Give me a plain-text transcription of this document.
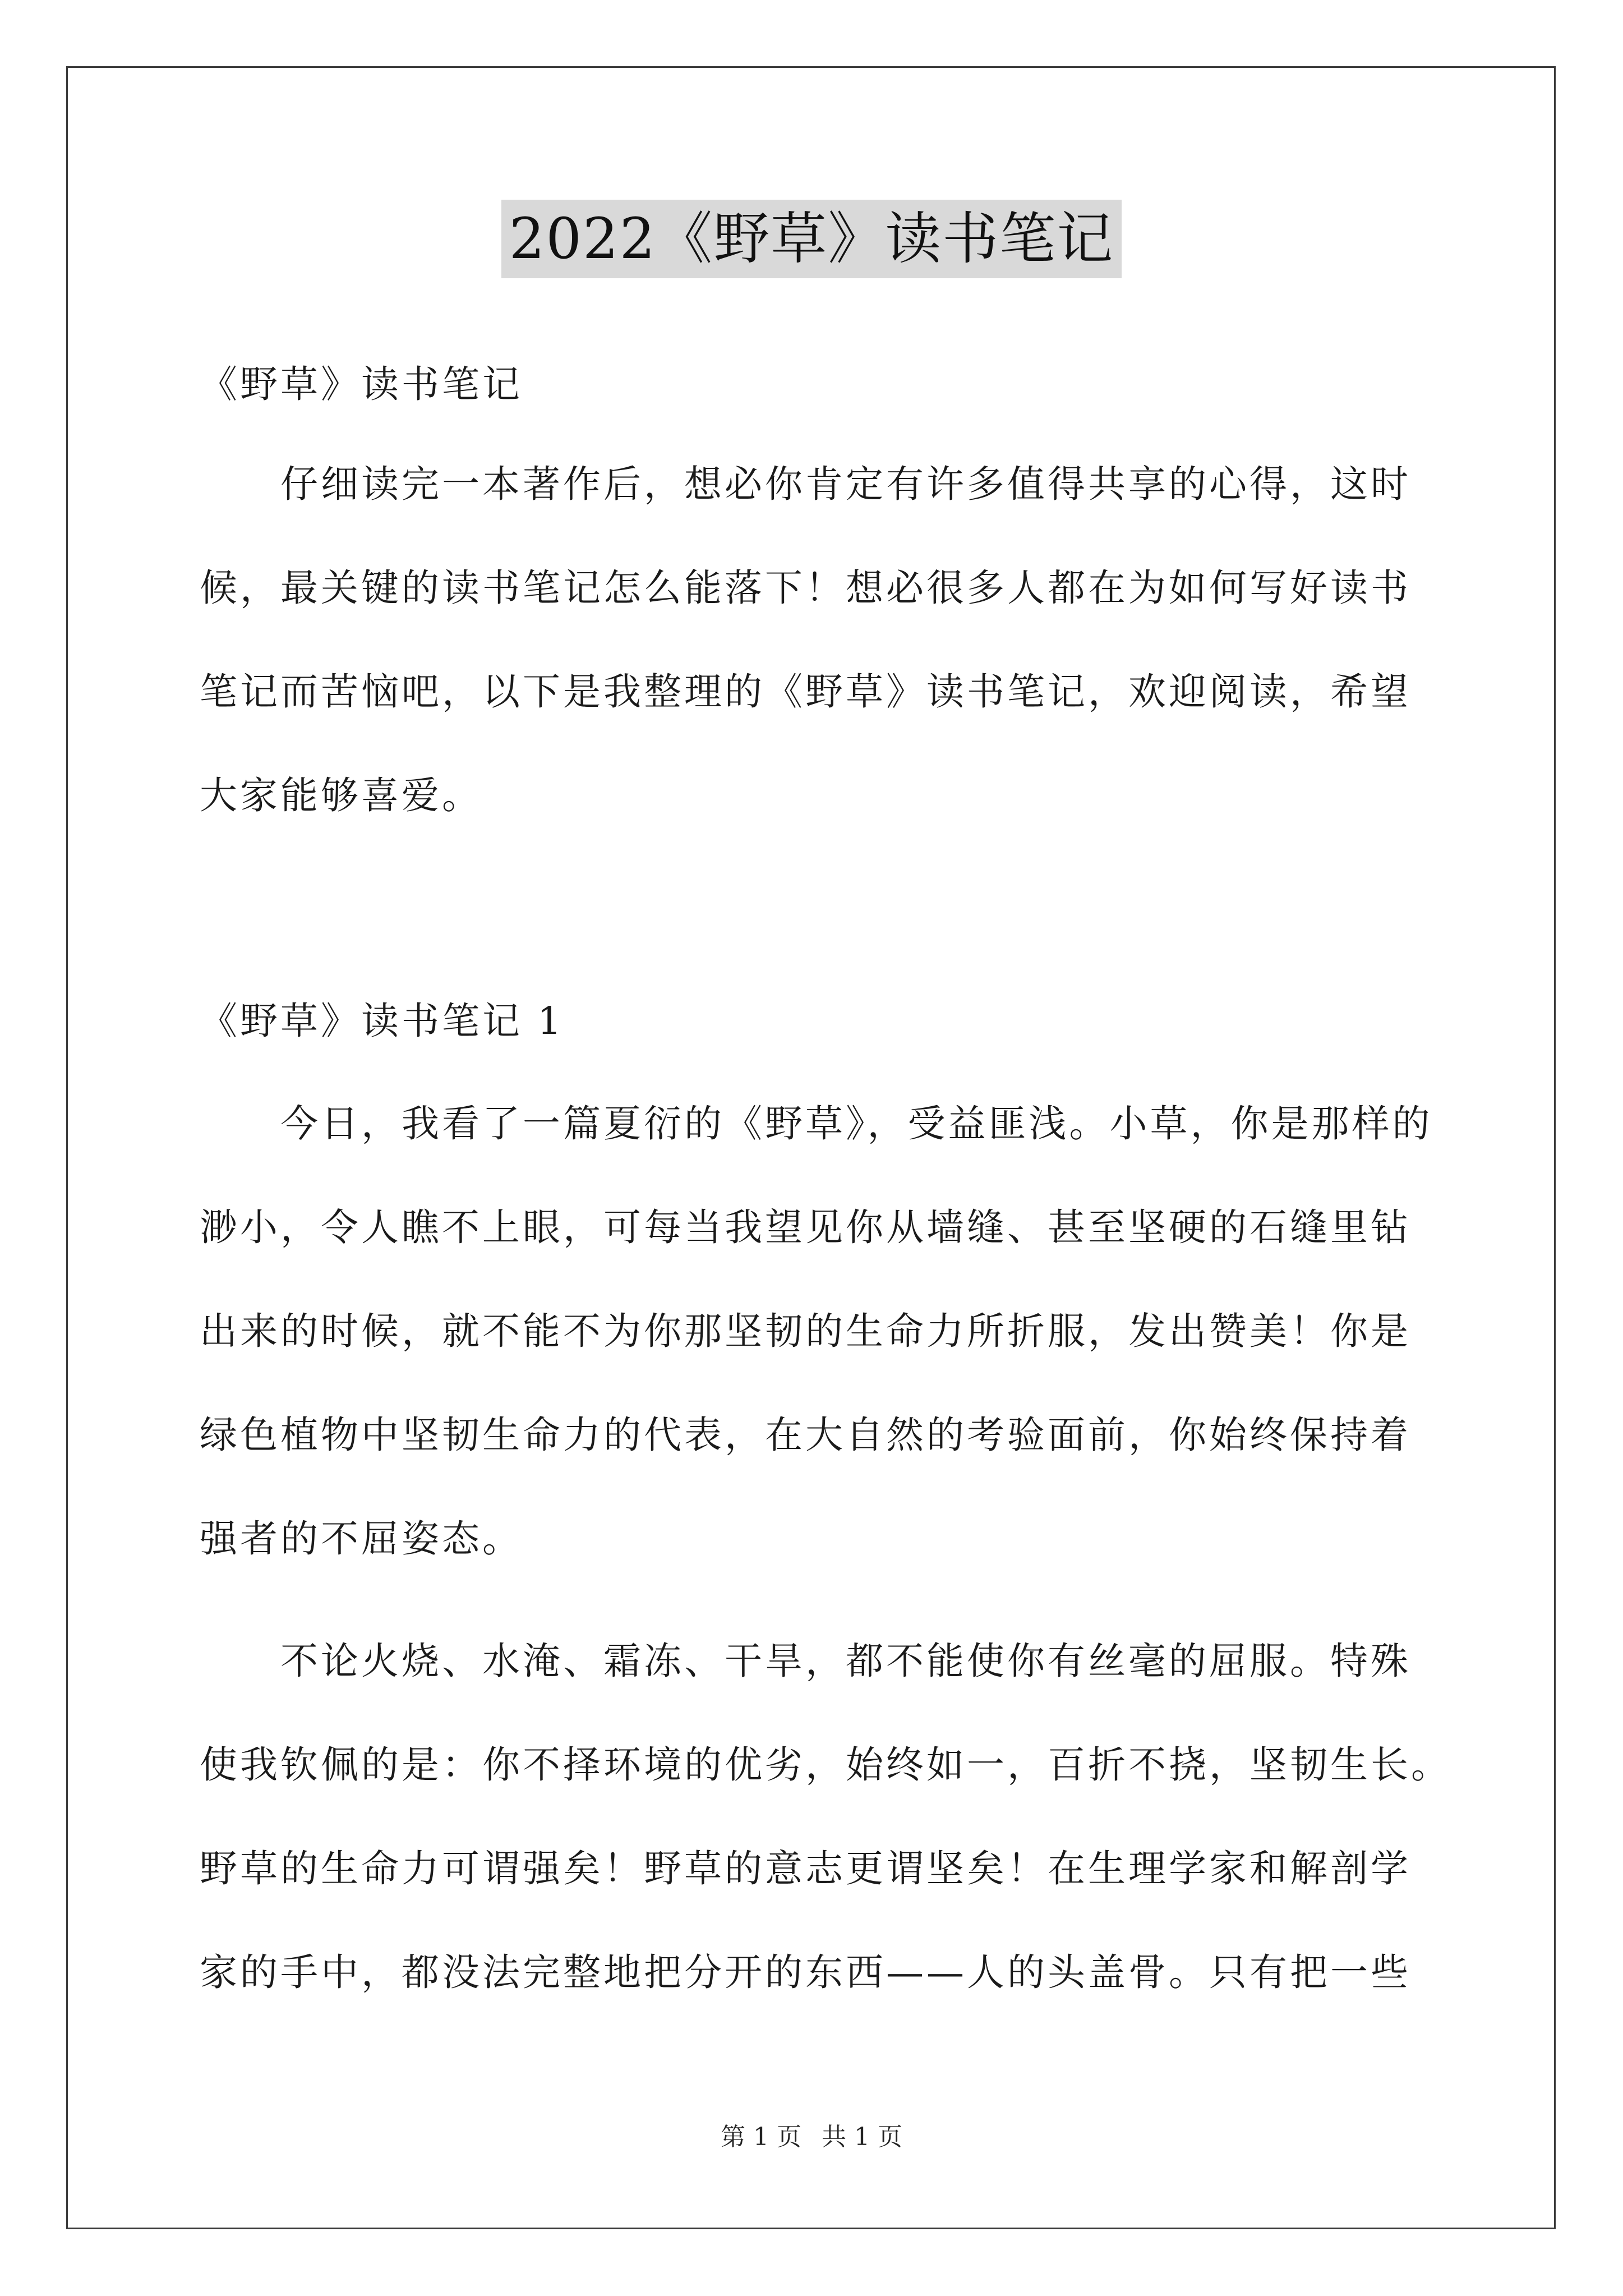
2022《野草》读书笔记
《野草》读书笔记
　　仔细读完一本著作后，想必你肯定有许多值得共享的心得，这时
候，最关键的读书笔记怎么能落下！想必很多人都在为如何写好读书
笔记而苦恼吧，以下是我整理的《野草》读书笔记，欢迎阅读，希望
大家能够喜爱。
《野草》读书笔记 1
　　今日，我看了一篇夏衍的《野草》，受益匪浅。小草，你是那样的
渺小，令人瞧不上眼，可每当我望见你从墙缝、甚至坚硬的石缝里钻
出来的时候，就不能不为你那坚韧的生命力所折服，发出赞美！你是
绿色植物中坚韧生命力的代表，在大自然的考验面前，你始终保持着
强者的不屈姿态。
　　不论火烧、水淹、霜冻、干旱，都不能使你有丝毫的屈服。特殊
使我钦佩的是：你不择环境的优劣，始终如一，百折不挠，坚韧生长。
野草的生命力可谓强矣！野草的意志更谓坚矣！在生理学家和解剖学
家的手中，都没法完整地把分开的东西——人的头盖骨。只有把一些
第 1 页 共 1 页
